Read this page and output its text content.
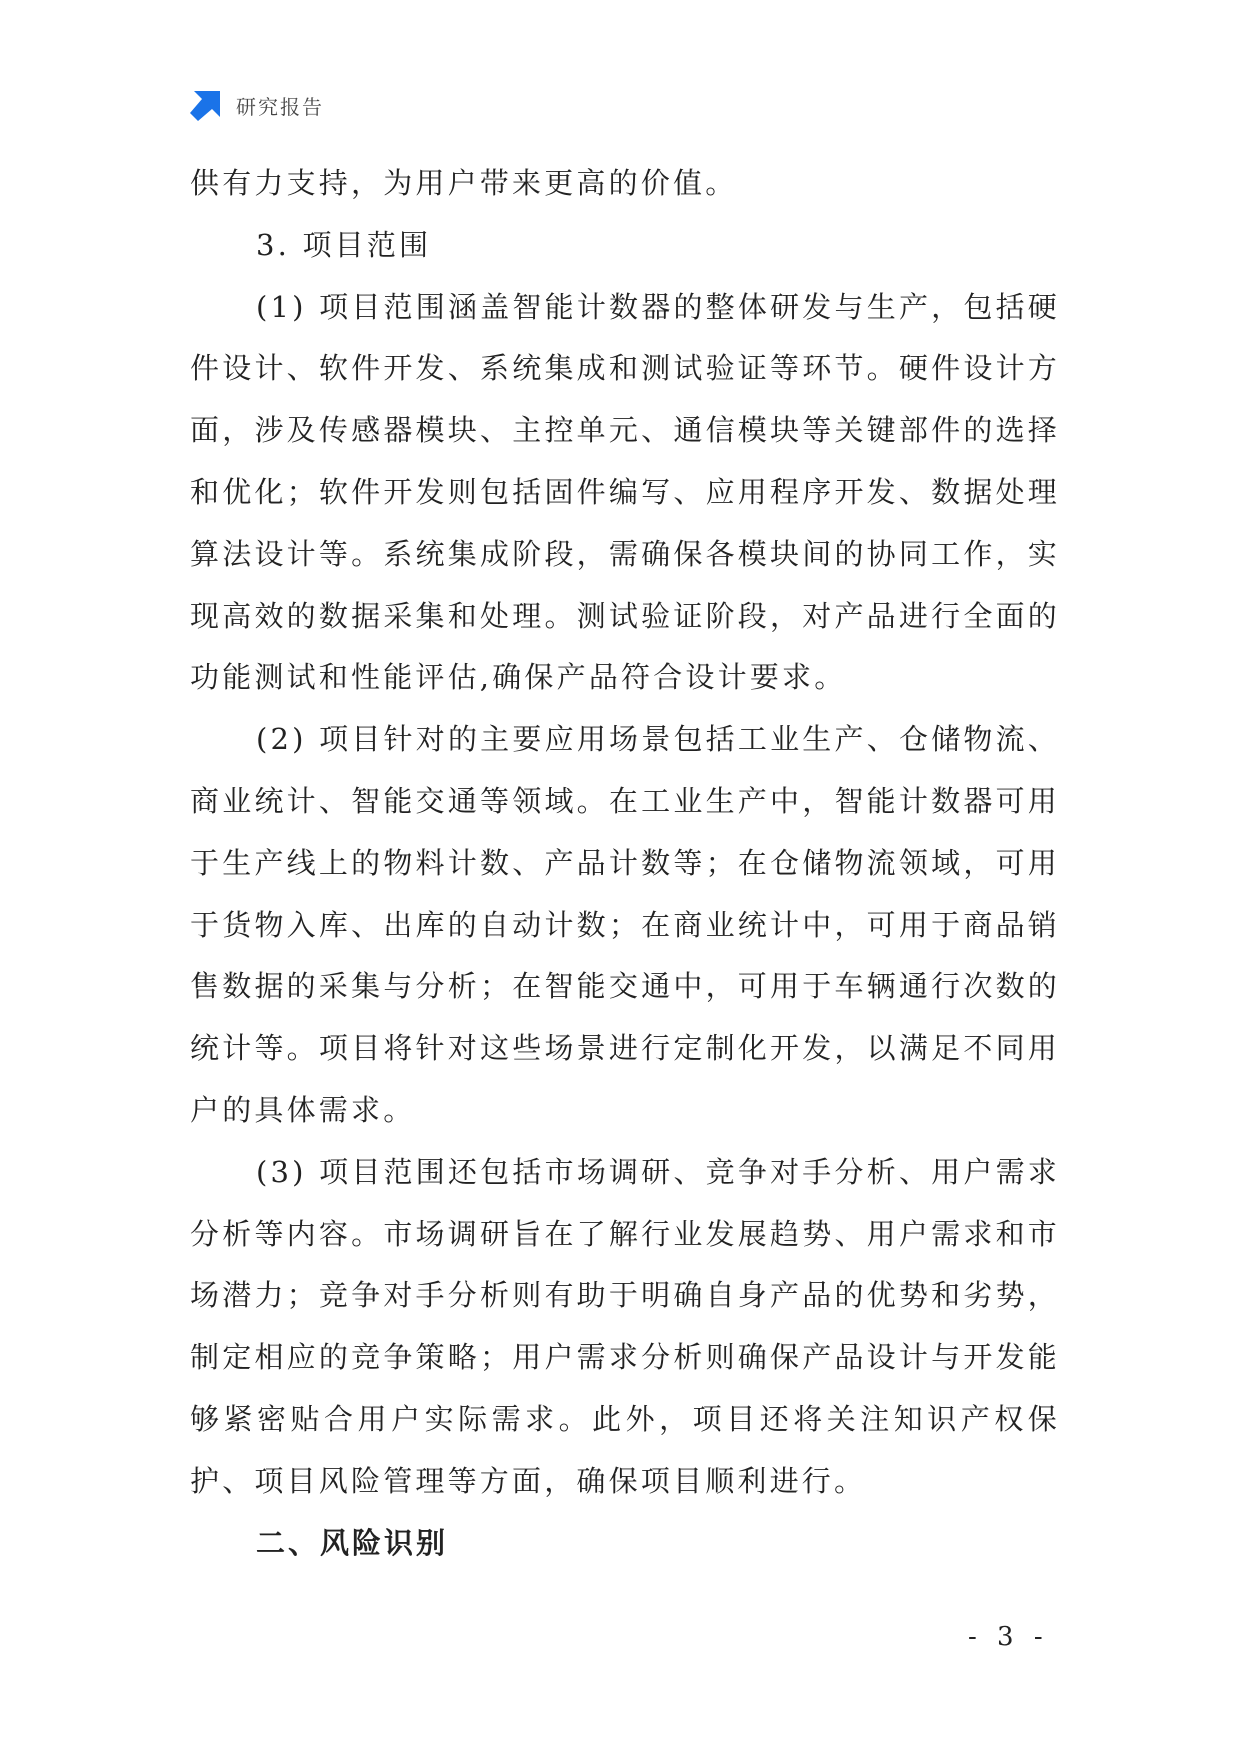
研究报告

供有力支持，为用户带来更高的价值。

3. 项目范围

(1) 项目范围涵盖智能计数器的整体研发与生产，包括硬件设计、软件开发、系统集成和测试验证等环节。硬件设计方面，涉及传感器模块、主控单元、通信模块等关键部件的选择和优化；软件开发则包括固件编写、应用程序开发、数据处理算法设计等。系统集成阶段，需确保各模块间的协同工作，实现高效的数据采集和处理。测试验证阶段，对产品进行全面的功能测试和性能评估,确保产品符合设计要求。

(2) 项目针对的主要应用场景包括工业生产、仓储物流、商业统计、智能交通等领域。在工业生产中，智能计数器可用于生产线上的物料计数、产品计数等；在仓储物流领域，可用于货物入库、出库的自动计数；在商业统计中，可用于商品销售数据的采集与分析；在智能交通中，可用于车辆通行次数的统计等。项目将针对这些场景进行定制化开发，以满足不同用户的具体需求。

(3) 项目范围还包括市场调研、竞争对手分析、用户需求分析等内容。市场调研旨在了解行业发展趋势、用户需求和市场潜力；竞争对手分析则有助于明确自身产品的优势和劣势，制定相应的竞争策略；用户需求分析则确保产品设计与开发能够紧密贴合用户实际需求。此外，项目还将关注知识产权保护、项目风险管理等方面，确保项目顺利进行。

二、风险识别

- 3 -
